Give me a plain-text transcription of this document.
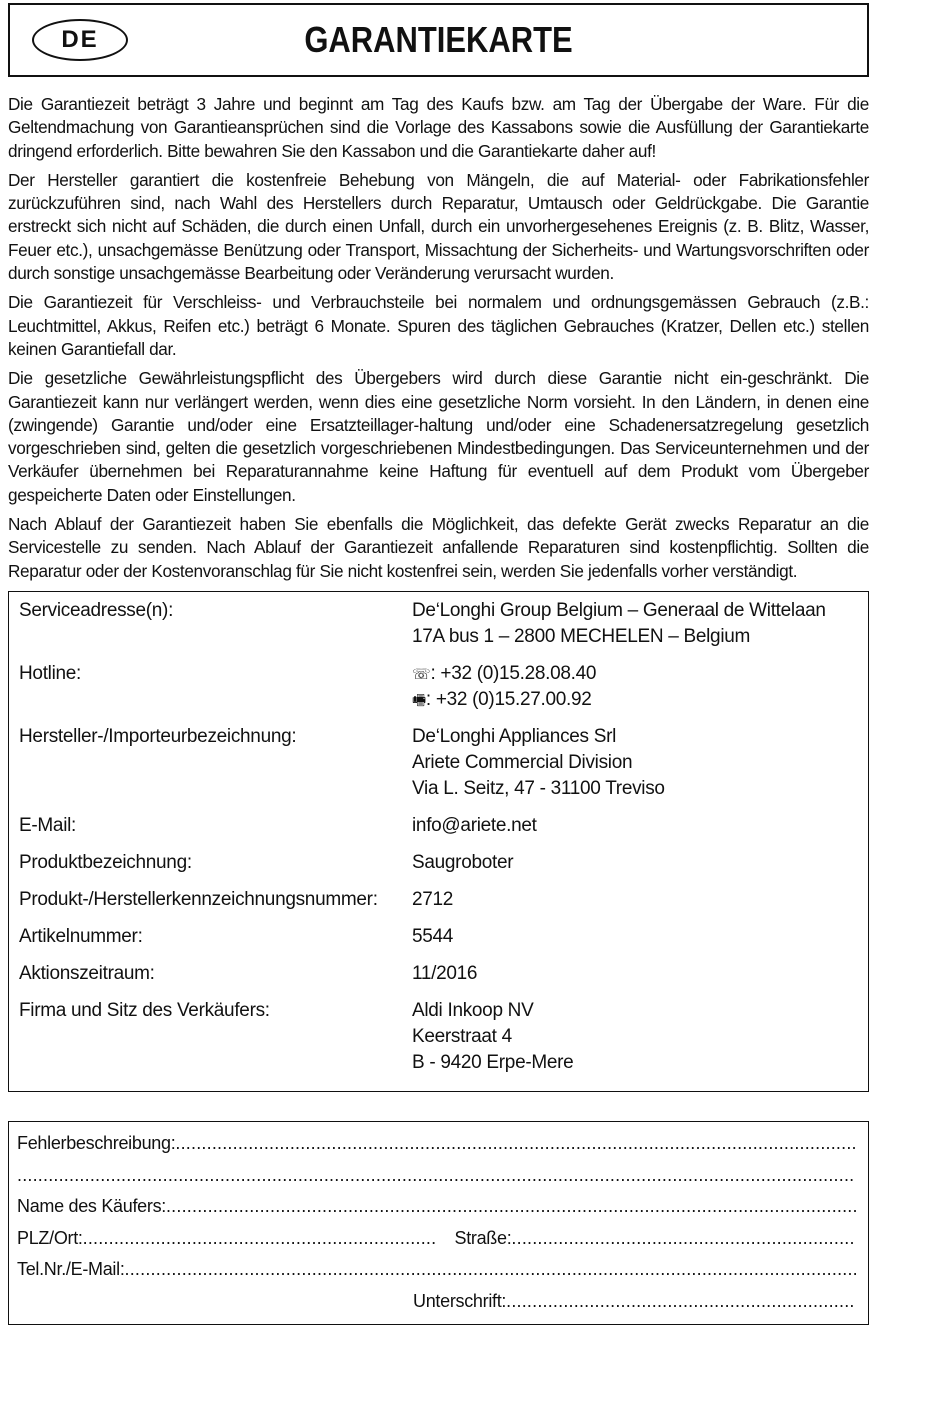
DE	GARANTIEKARTE

Die Garantiezeit beträgt 3 Jahre und beginnt am Tag des Kaufs bzw. am Tag der Übergabe der Ware. Für die Geltendmachung von Garantieansprüchen sind die Vorlage des Kassabons sowie die Ausfüllung der Garantiekarte dringend erforderlich. Bitte bewahren Sie den Kassabon und die Garantiekarte daher auf!

Der Hersteller garantiert die kostenfreie Behebung von Mängeln, die auf Material- oder Fabrikationsfehler zurückzuführen sind, nach Wahl des Herstellers durch Reparatur, Umtausch oder Geldrückgabe. Die Garantie erstreckt sich nicht auf Schäden, die durch einen Unfall, durch ein unvorhergesehenes Ereignis (z. B. Blitz, Wasser, Feuer etc.), unsachgemässe Benützung oder Transport, Missachtung der Sicherheits- und Wartungsvorschriften oder durch sonstige unsachgemässe Bearbeitung oder Veränderung verursacht wurden.

Die Garantiezeit für Verschleiss- und Verbrauchsteile bei normalem und ordnungsgemässen Gebrauch (z.B.: Leuchtmittel, Akkus, Reifen etc.) beträgt 6 Monate. Spuren des täglichen Gebrauches (Kratzer, Dellen etc.) stellen keinen Garantiefall dar.

Die gesetzliche Gewährleistungspflicht des Übergebers wird durch diese Garantie nicht ein-geschränkt. Die Garantiezeit kann nur verlängert werden, wenn dies eine gesetzliche Norm vorsieht. In den Ländern, in denen eine (zwingende) Garantie und/oder eine Ersatzteillager-haltung und/oder eine Schadenersatzregelung gesetzlich vorgeschrieben sind, gelten die gesetzlich vorgeschriebenen Mindestbedingungen. Das Serviceunternehmen und der Verkäufer übernehmen bei Reparaturannahme keine Haftung für eventuell auf dem Produkt vom Übergeber gespeicherte Daten oder Einstellungen.

Nach Ablauf der Garantiezeit haben Sie ebenfalls die Möglichkeit, das defekte Gerät zwecks Reparatur an die Servicestelle zu senden. Nach Ablauf der Garantiezeit anfallende Reparaturen sind kostenpflichtig. Sollten die Reparatur oder der Kostenvoranschlag für Sie nicht kostenfrei sein, werden Sie jedenfalls vorher verständigt.

Serviceadresse(n):	De‘Longhi Group Belgium – Generaal de Wittelaan
17A bus 1 – 2800 MECHELEN – Belgium

Hotline:	☏: +32 (0)15.28.08.40
🖷: +32 (0)15.27.00.92

Hersteller-/Importeurbezeichnung:	De‘Longhi Appliances Srl
Ariete Commercial Division
Via L. Seitz, 47 - 31100 Treviso

E-Mail:	info@ariete.net
Produktbezeichnung:	Saugroboter
Produkt-/Herstellerkennzeichnungsnummer:	2712
Artikelnummer:	5544
Aktionszeitraum:	11/2016
Firma und Sitz des Verkäufers:	Aldi Inkoop NV
Keerstraat 4
B - 9420 Erpe-Mere
Fehlerbeschreibung:
.....
.....
Name des Käufers:
.....
PLZ/Ort: .....	Straße:
.....
Tel.Nr./E-Mail:
.....
Unterschrift:
.....
